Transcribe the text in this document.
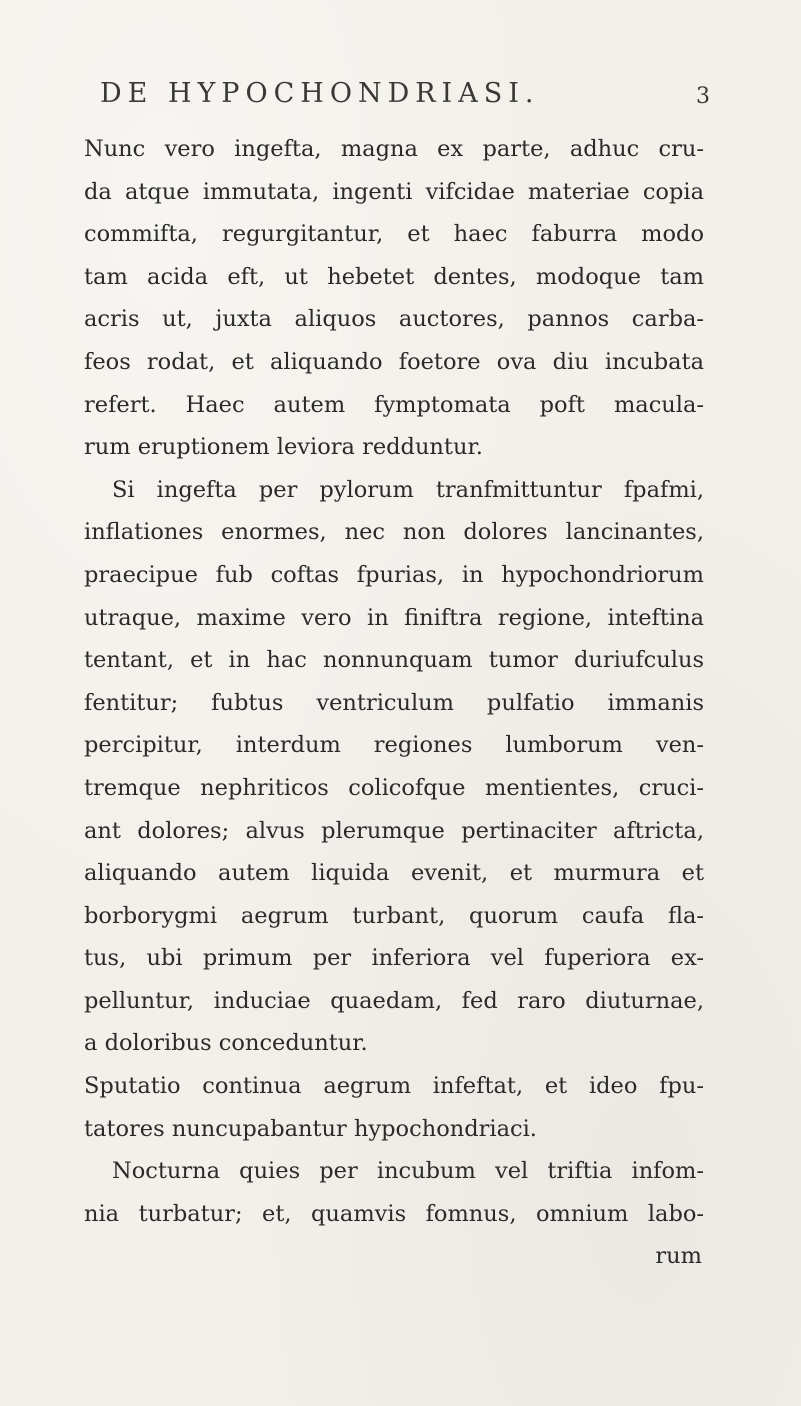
DE HYPOCHONDRIASI.	3
Nunc vero ingefta, magna ex parte, adhuc cru-
da atque immutata, ingenti vifcidae materiae copia
commifta, regurgitantur, et haec faburra modo
tam acida eft, ut hebetet dentes, modoque tam
acris ut, juxta aliquos auctores, pannos carba-
feos rodat, et aliquando foetore ova diu incubata
refert. Haec autem fymptomata poft macula-
rum eruptionem leviora redduntur.
Si ingefta per pylorum tranfmittuntur fpafmi,
inflationes enormes, nec non dolores lancinantes,
praecipue fub coftas fpurias, in hypochondriorum
utraque, maxime vero in finiftra regione, inteftina
tentant, et in hac nonnunquam tumor duriufculus
fentitur; fubtus ventriculum pulfatio immanis
percipitur, interdum regiones lumborum ven-
tremque nephriticos colicofque mentientes, cruci-
ant dolores; alvus plerumque pertinaciter aftricta,
aliquando autem liquida evenit, et murmura et
borborygmi aegrum turbant, quorum caufa fla-
tus, ubi primum per inferiora vel fuperiora ex-
pelluntur, induciae quaedam, fed raro diuturnae,
a doloribus conceduntur.
Sputatio continua aegrum infeftat, et ideo fpu-
tatores nuncupabantur hypochondriaci.
Nocturna quies per incubum vel triftia infom-
nia turbatur; et, quamvis fomnus, omnium labo-
rum
